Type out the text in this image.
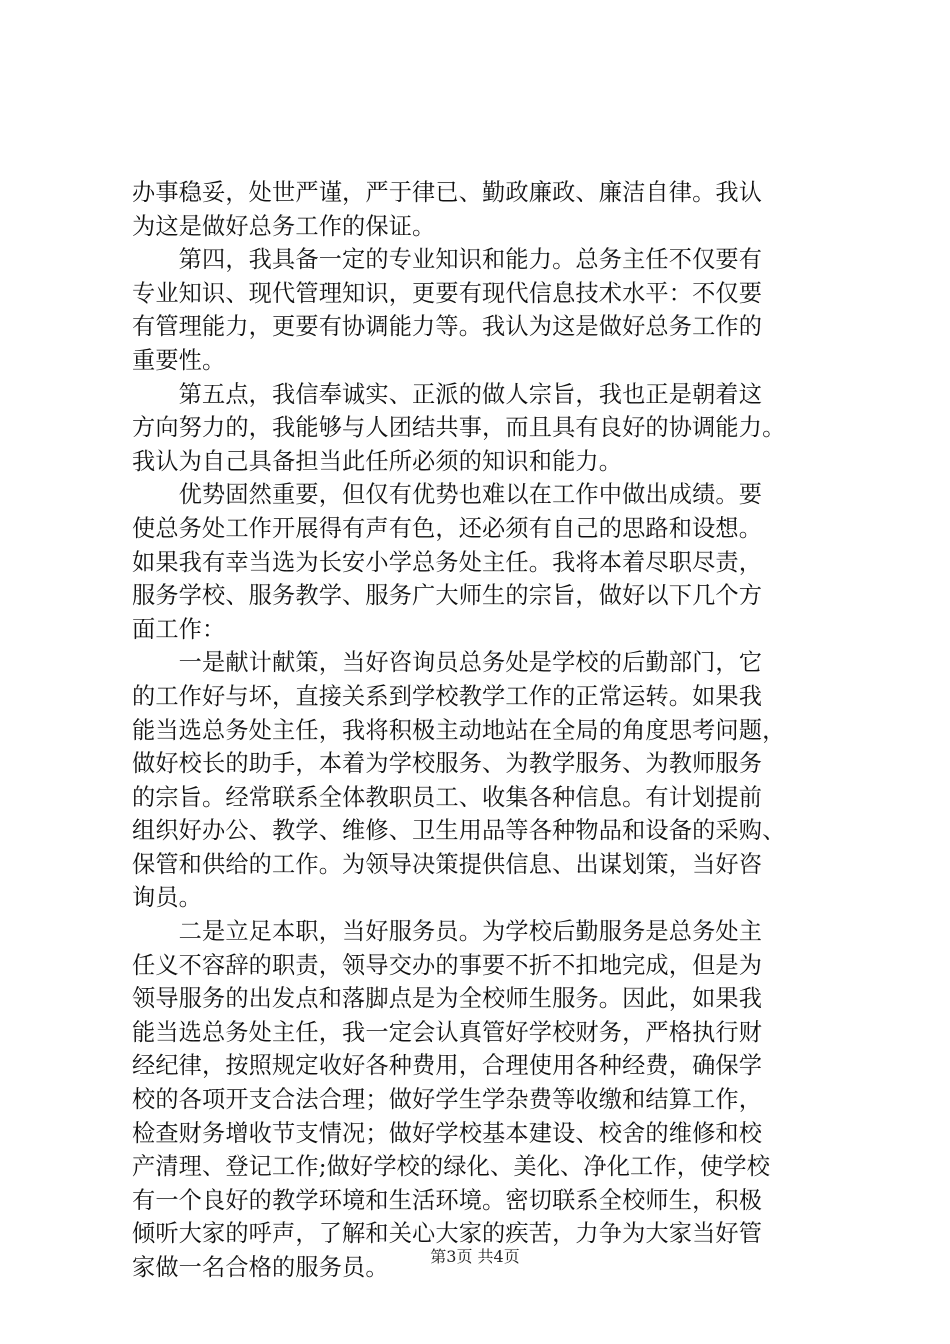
办事稳妥，处世严谨，严于律已、勤政廉政、廉洁自律。我认
为这是做好总务工作的保证。
　　第四，我具备一定的专业知识和能力。总务主任不仅要有
专业知识、现代管理知识，更要有现代信息技术水平：不仅要
有管理能力，更要有协调能力等。我认为这是做好总务工作的
重要性。
　　第五点，我信奉诚实、正派的做人宗旨，我也正是朝着这
方向努力的，我能够与人团结共事，而且具有良好的协调能力。
我认为自己具备担当此任所必须的知识和能力。
　　优势固然重要，但仅有优势也难以在工作中做出成绩。要
使总务处工作开展得有声有色，还必须有自己的思路和设想。
如果我有幸当选为长安小学总务处主任。我将本着尽职尽责，
服务学校、服务教学、服务广大师生的宗旨，做好以下几个方
面工作：
　　一是献计献策，当好咨询员总务处是学校的后勤部门，它
的工作好与坏，直接关系到学校教学工作的正常运转。如果我
能当选总务处主任，我将积极主动地站在全局的角度思考问题，
做好校长的助手，本着为学校服务、为教学服务、为教师服务
的宗旨。经常联系全体教职员工、收集各种信息。有计划提前
组织好办公、教学、维修、卫生用品等各种物品和设备的采购、
保管和供给的工作。为领导决策提供信息、出谋划策，当好咨
询员。
　　二是立足本职，当好服务员。为学校后勤服务是总务处主
任义不容辞的职责，领导交办的事要不折不扣地完成，但是为
领导服务的出发点和落脚点是为全校师生服务。因此，如果我
能当选总务处主任，我一定会认真管好学校财务，严格执行财
经纪律，按照规定收好各种费用，合理使用各种经费，确保学
校的各项开支合法合理；做好学生学杂费等收缴和结算工作，
检查财务增收节支情况；做好学校基本建设、校舍的维修和校
产清理、登记工作;做好学校的绿化、美化、净化工作，使学校
有一个良好的教学环境和生活环境。密切联系全校师生，积极
倾听大家的呼声，了解和关心大家的疾苦，力争为大家当好管
家做一名合格的服务员。	第3页 共4页
